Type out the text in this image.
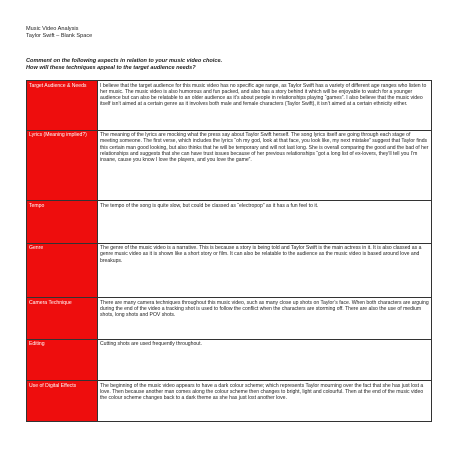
Music Video Analysis
Taylor Swift – Blank Space
Comment on the following aspects in relation to your music video choice.
How will these techniques appeal to the target audience needs?
Target Audience & Needs	I believe that the target audience for this music video has no specific age range, as Taylor Swift has a variety of different age ranges who listen to her music. The music video is also humorous and fun packed, and also has a story behind it which will be enjoyable to watch for a younger audience but can also be relatable to an older audience as it’s about people in relationships playing “games”. I also believe that the music video itself isn’t aimed at a certain genre as it involves both male and female characters (Taylor Swift), it isn’t aimed at a certain ethnicity either.
Lyrics (Meaning implied?)	The meaning of the lyrics are mocking what the press say about Taylor Swift herself. The song lyrics itself are going through each stage of meeting someone. The first verse, which includes the lyrics “oh my god, look at that face, you look like, my next mistake” suggest that Taylor finds this certain man good looking, but also thinks that he will be temporary and will not last long. She is overall comparing the good and the bad of her relationships and suggests that she can have trust issues because of her previous relationships “got a long list of ex-lovers, they’ll tell you I’m insane, cause you know I love the players, and you love the game”.
Tempo	The tempo of the song is quite slow, but could be classed as “electropop” as it has a fun feel to it.
Genre	The genre of the music video is a narrative. This is because a story is being told and Taylor Swift is the main actress in it. It is also classed as a genre music video as it is shown like a short story or film. It can also be relatable to the audience as the music video is based around love and breakups.
Camera Technique	There are many camera techniques throughout this music video, such as many close up shots on Taylor’s face. When both characters are arguing during the end of the video a tracking shot is used to follow the conflict when the characters are storming off. There are also the use of medium shots, long shots and POV shots.
Editing	Cutting shots are used frequently throughout.
Use of Digital Effects	The beginning of the music video appears to have a dark colour scheme; which represents Taylor mourning over the fact that she has just lost a love. Then because another man comes along the colour scheme then changes to bright, light and colourful. Then at the end of the music video the colour scheme changes back to a dark theme as she has just lost another love.
